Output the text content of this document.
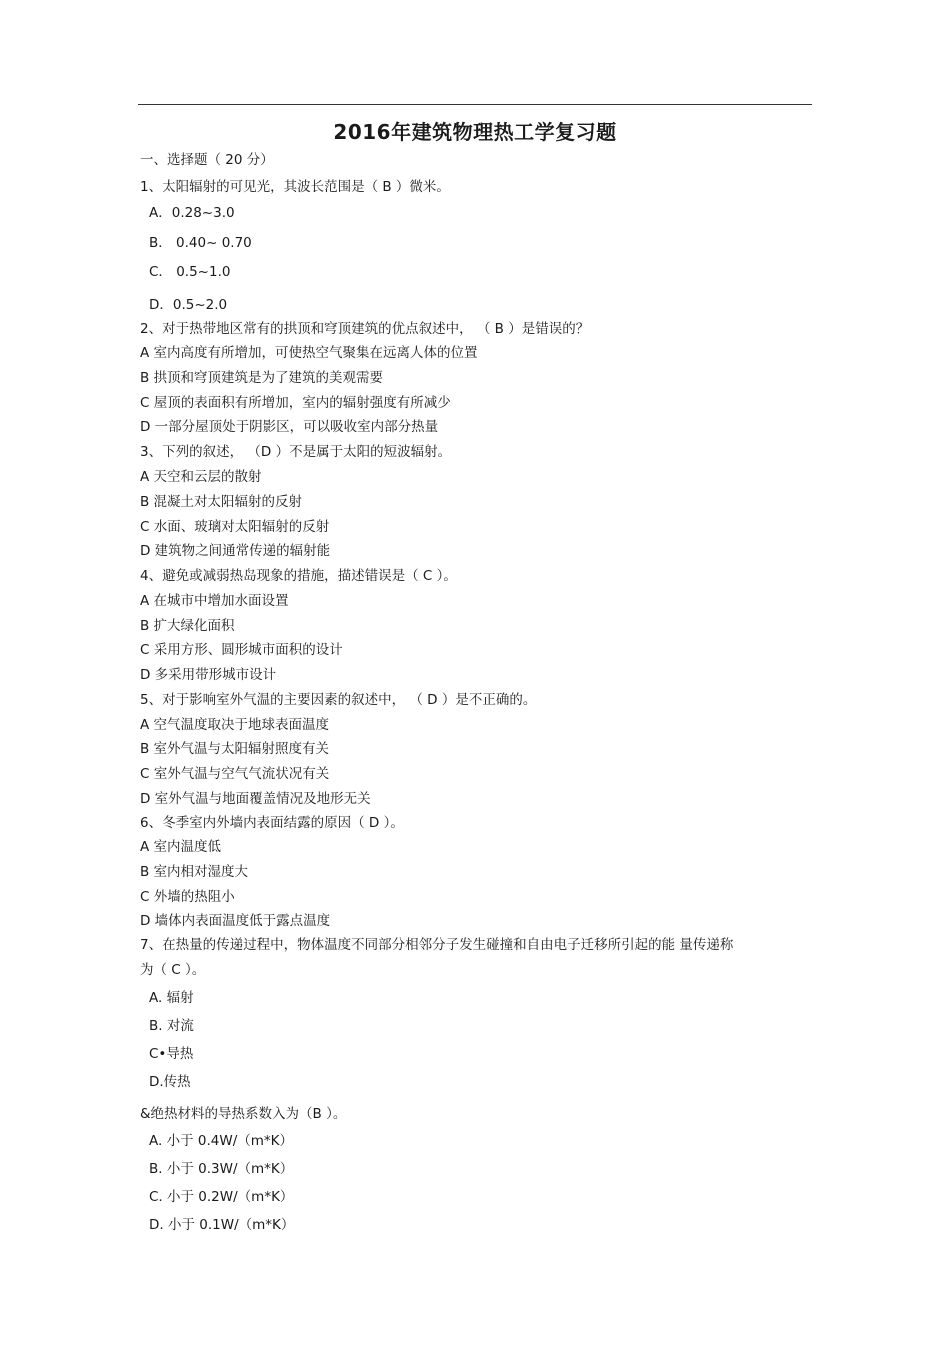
2016年建筑物理热工学复习题
一、选择题（ 20 分）
1、太阳辐射的可见光，其波长范围是（ B ）微米。
A．0.28~3.0
B． 0.40~ 0.70
C． 0.5~1.0
D．0.5~2.0
2、对于热带地区常有的拱顶和穹顶建筑的优点叙述中， （ B ）是错误的？
A 室内高度有所增加，可使热空气聚集在远离人体的位置
B 拱顶和穹顶建筑是为了建筑的美观需要
C 屋顶的表面积有所增加，室内的辐射强度有所减少
D 一部分屋顶处于阴影区，可以吸收室内部分热量
3、下列的叙述， （D ）不是属于太阳的短波辐射。
A 天空和云层的散射
B 混凝土对太阳辐射的反射
C 水面、玻璃对太阳辐射的反射
D 建筑物之间通常传递的辐射能
4、避免或减弱热岛现象的措施，描述错误是（ C ）。
A 在城市中增加水面设置
B 扩大绿化面积
C 采用方形、圆形城市面积的设计
D 多采用带形城市设计
5、对于影响室外气温的主要因素的叙述中， （ D ）是不正确的。
A 空气温度取决于地球表面温度
B 室外气温与太阳辐射照度有关
C 室外气温与空气气流状况有关
D 室外气温与地面覆盖情况及地形无关
6、冬季室内外墙内表面结露的原因（ D ）。
A 室内温度低
B 室内相对湿度大
C 外墙的热阻小
D 墙体内表面温度低于露点温度
7、在热量的传递过程中，物体温度不同部分相邻分子发生碰撞和自由电子迁移所引起的能 量传递称
为（ C ）。
A. 辐射
B. 对流
C•导热
D.传热
&绝热材料的导热系数入为（B ）。
A. 小于 0.4W/（m*K）
B. 小于 0.3W/（m*K）
C. 小于 0.2W/（m*K）
D. 小于 0.1W/（m*K）
